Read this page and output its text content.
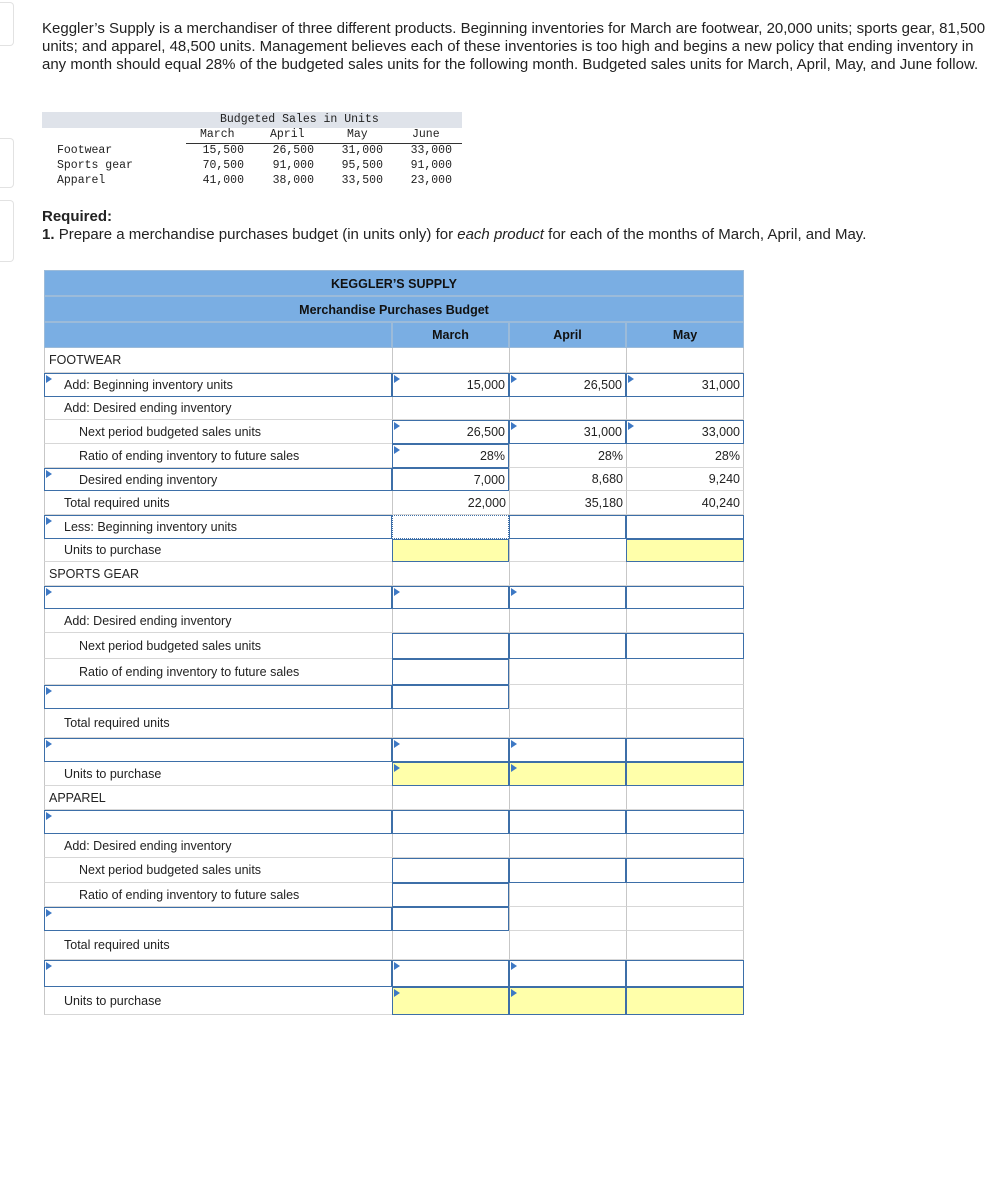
Keggler’s Supply is a merchandiser of three different products. Beginning inventories for March are footwear, 20,000 units; sports gear, 81,500 units; and apparel, 48,500 units. Management believes each of these inventories is too high and begins a new policy that ending inventory in any month should equal 28% of the budgeted sales units for the following month. Budgeted sales units for March, April, May, and June follow.

Budgeted Sales in Units
March	April	May	June
Footwear	15,500	26,500	31,000	33,000
Sports gear	70,500	91,000	95,500	91,000
Apparel	41,000	38,000	33,500	23,000
Required:
1. Prepare a merchandise purchases budget (in units only) for each product for each of the months of March, April, and May.
KEGGLER’S SUPPLY
Merchandise Purchases Budget
March	April	May
FOOTWEAR
Add: Beginning inventory units	15,000	26,500	31,000
Add: Desired ending inventory
Next period budgeted sales units	26,500	31,000	33,000
Ratio of ending inventory to future sales	28%	28%	28%
Desired ending inventory	7,000	8,680	9,240
Total required units	22,000	35,180	40,240
Less: Beginning inventory units
Units to purchase
SPORTS GEAR
Add: Desired ending inventory
Next period budgeted sales units
Ratio of ending inventory to future sales
Total required units
Units to purchase
APPAREL
Add: Desired ending inventory
Next period budgeted sales units
Ratio of ending inventory to future sales
Total required units
Units to purchase
